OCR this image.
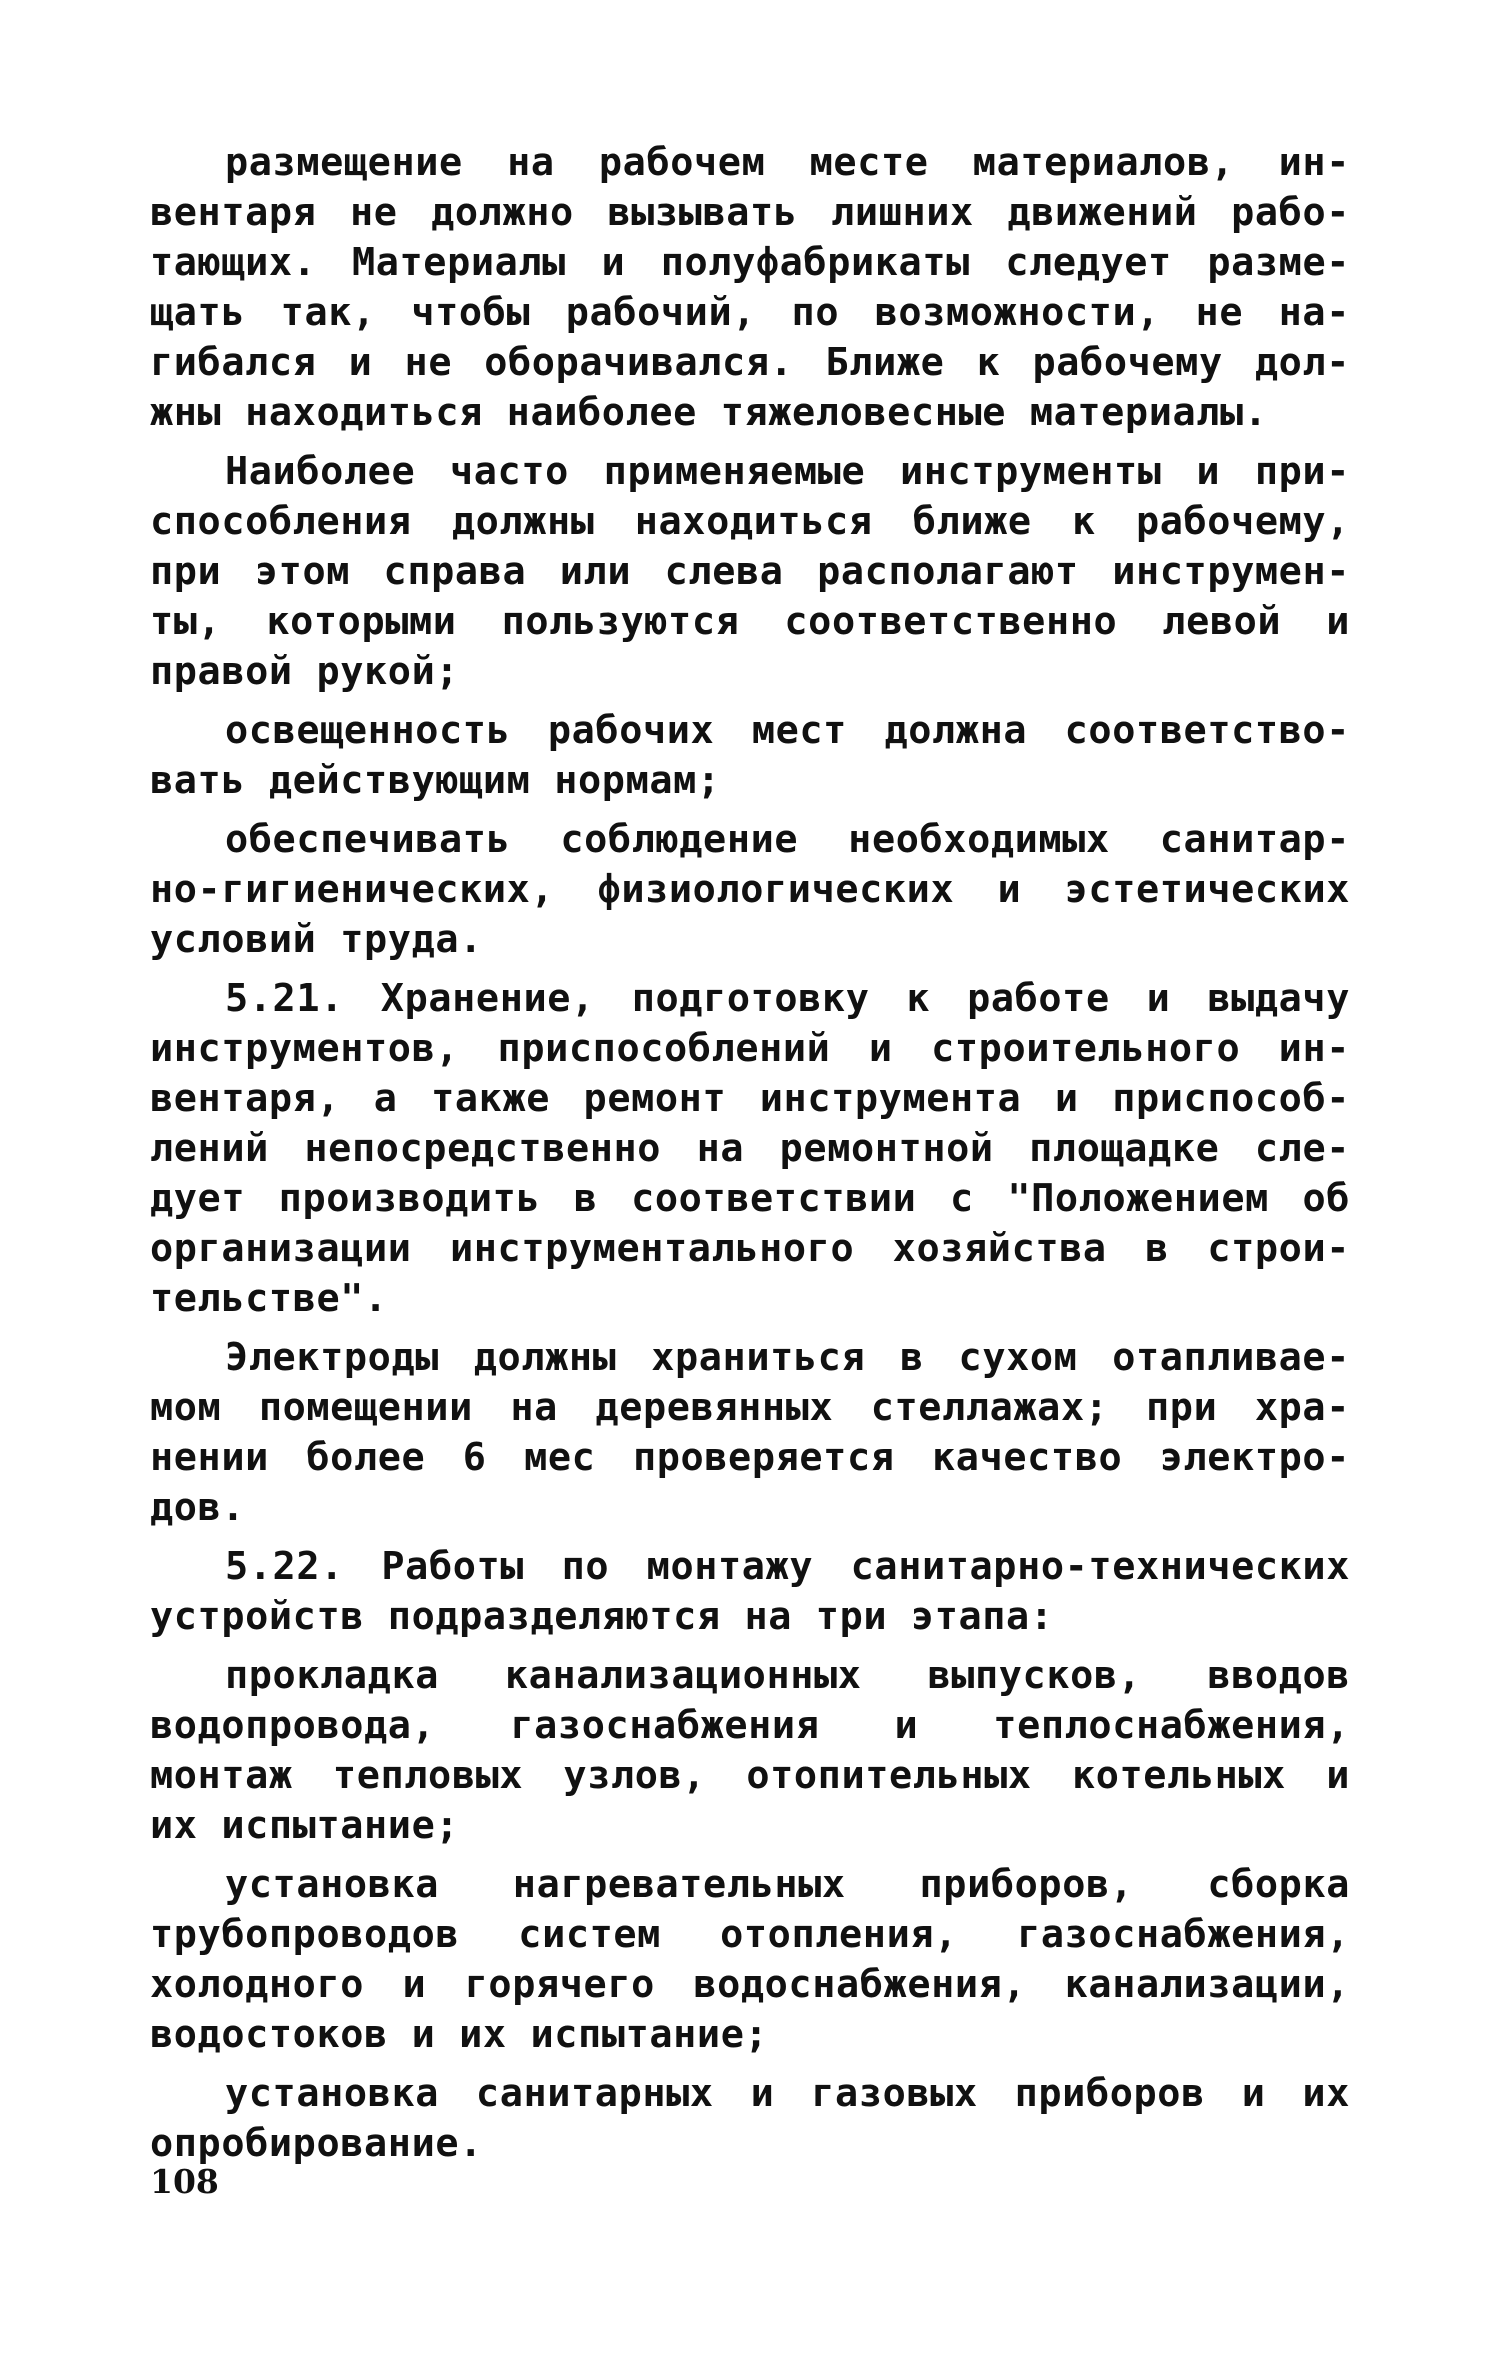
размещение на рабочем месте материалов, ин-
вентаря не должно вызывать лишних движений рабо-
тающих. Материалы и полуфабрикаты следует разме-
щать так, чтобы рабочий, по возможности, не на-
гибался и не оборачивался. Ближе к рабочему дол-
жны находиться наиболее тяжеловесные материалы.
Наиболее часто применяемые инструменты и при-
способления должны находиться ближе к рабочему,
при этом справа или слева располагают инструмен-
ты, которыми пользуются соответственно левой и
правой рукой;
освещенность рабочих мест должна соответство-
вать действующим нормам;
обеспечивать соблюдение необходимых санитар-
но-гигиенических, физиологических и эстетических
условий труда.
5.21. Хранение, подготовку к работе и выдачу
инструментов, приспособлений и строительного ин-
вентаря, а также ремонт инструмента и приспособ-
лений непосредственно на ремонтной площадке сле-
дует производить в соответствии с "Положением об
организации инструментального хозяйства в строи-
тельстве".
Электроды должны храниться в сухом отапливае-
мом помещении на деревянных стеллажах; при хра-
нении более 6 мес проверяется качество электро-
дов.
5.22. Работы по монтажу санитарно-технических
устройств подразделяются на три этапа:
прокладка канализационных выпусков, вводов
водопровода, газоснабжения и теплоснабжения,
монтаж тепловых узлов, отопительных котельных и
их испытание;
установка нагревательных приборов, сборка
трубопроводов систем отопления, газоснабжения,
холодного и горячего водоснабжения, канализации,
водостоков и их испытание;
установка санитарных и газовых приборов и их
опробирование.
108
